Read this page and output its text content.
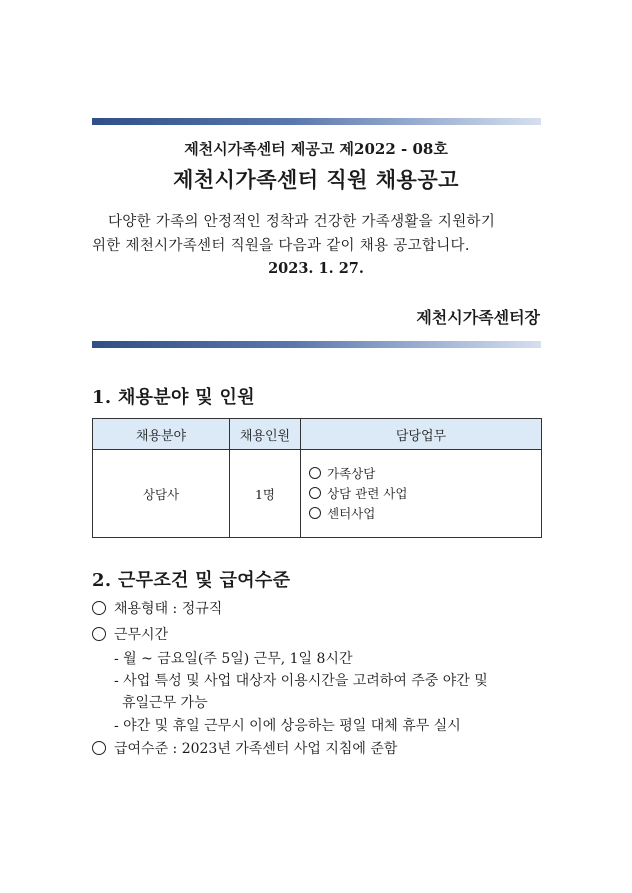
제천시가족센터 제공고 제2022 - 08호
제천시가족센터 직원 채용공고
다양한 가족의 안정적인 정착과 건강한 가족생활을 지원하기
위한 제천시가족센터 직원을 다음과 같이 채용 공고합니다.
2023. 1. 27.
제천시가족센터장
1. 채용분야 및 인원
채용분야	채용인원	담당업무
상담사	1명	가족상담
상담 관련 사업
센터사업
2. 근무조건 및 급여수준
채용형태 : 정규직
근무시간
- 월 ~ 금요일(주 5일) 근무, 1일 8시간
- 사업 특성 및 사업 대상자 이용시간을 고려하여 주중 야간 및
휴일근무 가능
- 야간 및 휴일 근무시 이에 상응하는 평일 대체 휴무 실시
급여수준 : 2023년 가족센터 사업 지침에 준함
